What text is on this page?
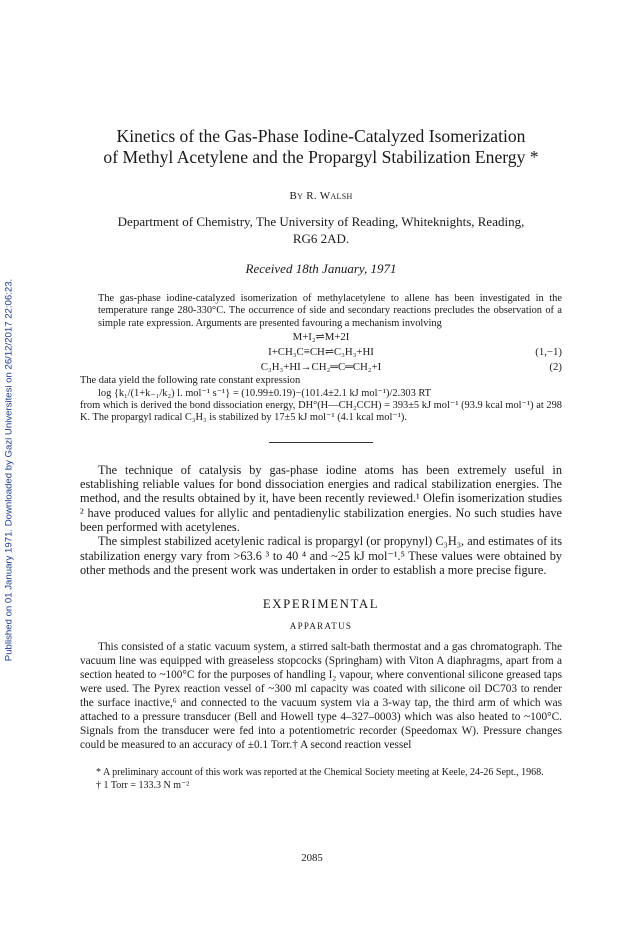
Published on 01 January 1971. Downloaded by Gazi Universitesi on 26/12/2017 22:06:23.
Kinetics of the Gas-Phase Iodine-Catalyzed Isomerization
of Methyl Acetylene and the Propargyl Stabilization Energy *
By R. Walsh
Department of Chemistry, The University of Reading, Whiteknights, Reading,
RG6 2AD.
Received 18th January, 1971

The gas-phase iodine-catalyzed isomerization of methylacetylene to allene has been investigated in the temperature range 280-330°C. The occurrence of side and secondary reactions precludes the observation of a simple rate expression. Arguments are presented favouring a mechanism involving

M+I₂⇌M+2I
I+CH₃C≡CH⇌C₃H₃+HI	(1,−1)
C₃H₃+HI→CH₂═C═CH₂+I	(2)
The data yield the following rate constant expression
log {k₁/(1+k₋₁/k₂) l. mol⁻¹ s⁻¹} = (10.99±0.19)−(101.4±2.1 kJ mol⁻¹)/2.303 RT

from which is derived the bond dissociation energy, DH°(H—CH₂CCH) = 393±5 kJ mol⁻¹ (93.9 kcal mol⁻¹) at 298 K. The propargyl radical C₃H₃ is stabilized by 17±5 kJ mol⁻¹ (4.1 kcal mol⁻¹).

The technique of catalysis by gas-phase iodine atoms has been extremely useful in establishing reliable values for bond dissociation energies and radical stabilization energies. The method, and the results obtained by it, have been recently reviewed.¹ Olefin isomerization studies ² have produced values for allylic and pentadienylic stabilization energies. No such studies have been performed with acetylenes.

The simplest stabilized acetylenic radical is propargyl (or propynyl) C₃H₃, and estimates of its stabilization energy vary from >63.6 ³ to 40 ⁴ and ~25 kJ mol⁻¹.⁵ These values were obtained by other methods and the present work was undertaken in order to establish a more precise figure.

EXPERIMENTAL
APPARATUS

This consisted of a static vacuum system, a stirred salt-bath thermostat and a gas chromatograph. The vacuum line was equipped with greaseless stopcocks (Springham) with Viton A diaphragms, apart from a section heated to ~100°C for the purposes of handling I₂ vapour, where conventional silicone greased taps were used. The Pyrex reaction vessel of ~300 ml capacity was coated with silicone oil DC703 to render the surface inactive,⁶ and connected to the vacuum system via a 3-way tap, the third arm of which was attached to a pressure transducer (Bell and Howell type 4–327–0003) which was also heated to ~100°C. Signals from the transducer were fed into a potentiometric recorder (Speedomax W). Pressure changes could be measured to an accuracy of ±0.1 Torr.† A second reaction vessel

* A preliminary account of this work was reported at the Chemical Society meeting at Keele, 24-26 Sept., 1968.

† 1 Torr = 133.3 N m⁻²

2085
